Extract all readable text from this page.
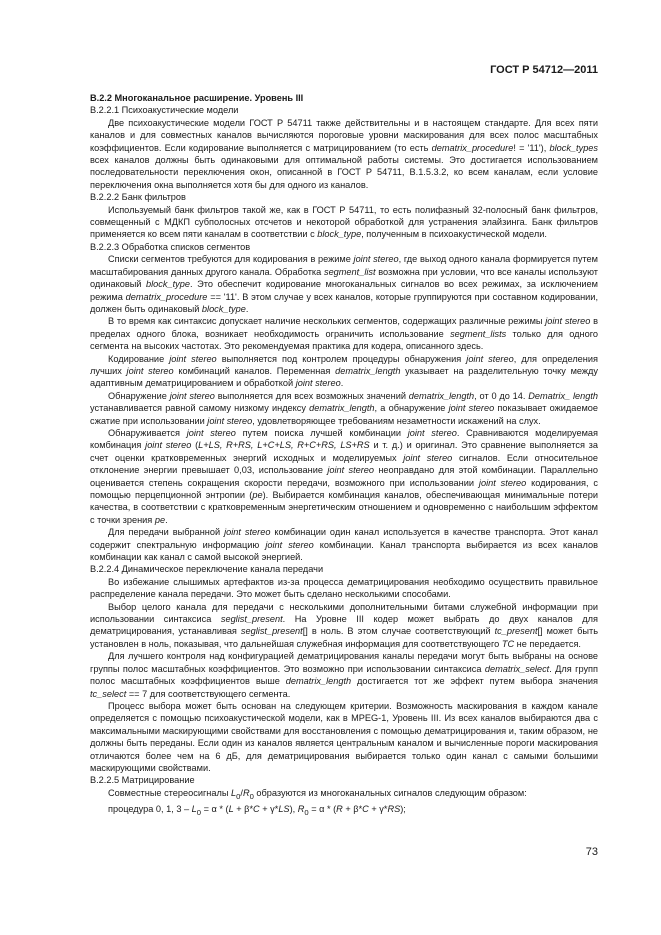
ГОСТ Р 54712—2011

В.2.2 Многоканальное расширение. Уровень III

В.2.2.1 Психоакустические модели

Две психоакустические модели ГОСТ Р 54711 также действительны и в настоящем стандарте. Для всех пяти каналов и для совместных каналов вычисляются пороговые уровни маскирования для всех полос масштабных коэффициентов. Если кодирование выполняется с матрицированием (то есть dematrix_procedure! = '11'), block_types всех каналов должны быть одинаковыми для оптимальной работы системы. Это достигается использованием последовательности переключения окон, описанной в ГОСТ Р 54711, В.1.5.3.2, ко всем каналам, если условие переключения окна выполняется хотя бы для одного из каналов.

В.2.2.2 Банк фильтров

Используемый банк фильтров такой же, как в ГОСТ Р 54711, то есть полифазный 32-полосный банк фильтров, совмещенный с МДКП субполосных отсчетов и некоторой обработкой для устранения элайзинга. Банк фильтров применяется ко всем пяти каналам в соответствии с block_type, полученным в психоакустической модели.

В.2.2.3 Обработка списков сегментов

Списки сегментов требуются для кодирования в режиме joint stereo, где выход одного канала формируется путем масштабирования данных другого канала. Обработка segment_list возможна при условии, что все каналы используют одинаковый block_type. Это обеспечит кодирование многоканальных сигналов во всех режимах, за исключением режима dematrix_procedure == '11'. В этом случае у всех каналов, которые группируются при составном кодировании, должен быть одинаковый block_type.

В то время как синтаксис допускает наличие нескольких сегментов, содержащих различные режимы joint stereo в пределах одного блока, возникает необходимость ограничить использование segment_lists только для одного сегмента на высоких частотах. Это рекомендуемая практика для кодера, описанного здесь.

Кодирование joint stereo выполняется под контролем процедуры обнаружения joint stereo, для определения лучших joint stereo комбинаций каналов. Переменная dematrix_length указывает на разделительную точку между адаптивным дематрицированием и обработкой joint stereo.

Обнаружение joint stereo выполняется для всех возможных значений dematrix_length, от 0 до 14. Dematrix_ length устанавливается равной самому низкому индексу dematrix_length, а обнаружение joint stereo показывает ожидаемое сжатие при использовании joint stereo, удовлетворяющее требованиям незаметности искажений на слух.

Обнаруживается joint stereo путем поиска лучшей комбинации joint stereo. Сравниваются моделируемая комбинация joint stereo (L+LS, R+RS, L+C+LS, R+C+RS, LS+RS и т. д.) и оригинал. Это сравнение выполняется за счет оценки кратковременных энергий исходных и моделируемых joint stereo сигналов. Если относительное отклонение энергии превышает 0,03, использование joint stereo неоправдано для этой комбинации. Параллельно оценивается степень сокращения скорости передачи, возможного при использовании joint stereo кодирования, с помощью перцепционной энтропии (pe). Выбирается комбинация каналов, обеспечивающая минимальные потери качества, в соответствии с кратковременным энергетическим отношением и одновременно с наибольшим эффектом с точки зрения pe.

Для передачи выбранной joint stereo комбинации один канал используется в качестве транспорта. Этот канал содержит спектральную информацию joint stereo комбинации. Канал транспорта выбирается из всех каналов комбинации как канал с самой высокой энергией.

В.2.2.4 Динамическое переключение канала передачи

Во избежание слышимых артефактов из-за процесса дематрицирования необходимо осуществить правильное распределение канала передачи. Это может быть сделано несколькими способами.

Выбор целого канала для передачи с несколькими дополнительными битами служебной информации при использовании синтаксиса seglist_present. На Уровне III кодер может выбрать до двух каналов для дематрицирования, устанавливая seglist_present[] в ноль. В этом случае соответствующий tc_present[] может быть установлен в ноль, показывая, что дальнейшая служебная информация для соответствующего TC не передается.

Для лучшего контроля над конфигурацией дематрицирования каналы передачи могут быть выбраны на основе группы полос масштабных коэффициентов. Это возможно при использовании синтаксиса dematrix_select. Для групп полос масштабных коэффициентов выше dematrix_length достигается тот же эффект путем выбора значения tc_select == 7 для соответствующего сегмента.

Процесс выбора может быть основан на следующем критерии. Возможность маскирования в каждом канале определяется с помощью психоакустической модели, как в MPEG-1, Уровень III. Из всех каналов выбираются два с максимальными маскирующими свойствами для восстановления с помощью дематрицирования и, таким образом, не должны быть переданы. Если один из каналов является центральным каналом и вычисленные пороги маскирования отличаются более чем на 6 дБ, для дематрицирования выбирается только один канал с самыми большими маскирующими свойствами.

В.2.2.5 Матрицирование

Совместные стереосигналы $L_0/R_0$ образуются из многоканальных сигналов следующим образом:

процедура 0, 1, $3 - L_0 = \alpha * (L + \beta*C + \gamma*LS)$, $R_0 = \alpha * (R + \beta*C + \gamma*RS)$;

73
